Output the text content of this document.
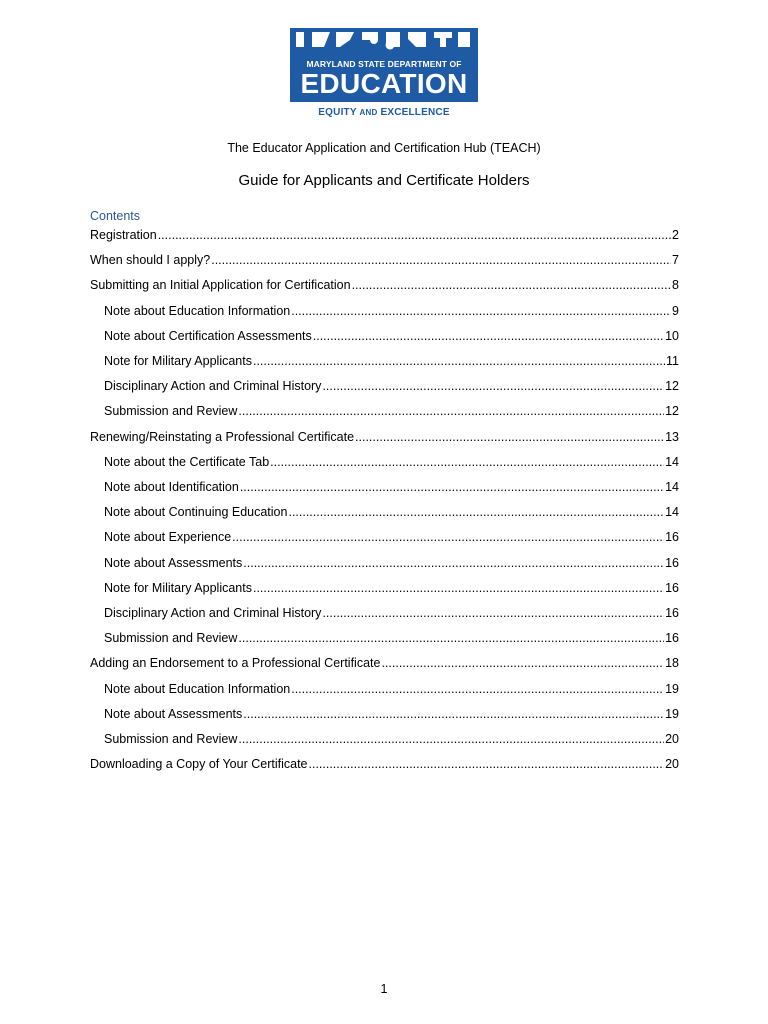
MARYLAND STATE DEPARTMENT OF
EDUCATION
EQUITY AND EXCELLENCE
The Educator Application and Certification Hub (TEACH)
Guide for Applicants and Certificate Holders
Contents
Registration .....	2
When should I apply? .....	7
Submitting an Initial Application for Certification .....	8
Note about Education Information .....	9
Note about Certification Assessments .....	10
Note for Military Applicants .....	11
Disciplinary Action and Criminal History .....	12
Submission and Review .....	12
Renewing/Reinstating a Professional Certificate .....	13
Note about the Certificate Tab .....	14
Note about Identification .....	14
Note about Continuing Education .....	14
Note about Experience .....	16
Note about Assessments .....	16
Note for Military Applicants .....	16
Disciplinary Action and Criminal History .....	16
Submission and Review .....	16
Adding an Endorsement to a Professional Certificate .....	18
Note about Education Information .....	19
Note about Assessments .....	19
Submission and Review .....	20
Downloading a Copy of Your Certificate .....	20
1
